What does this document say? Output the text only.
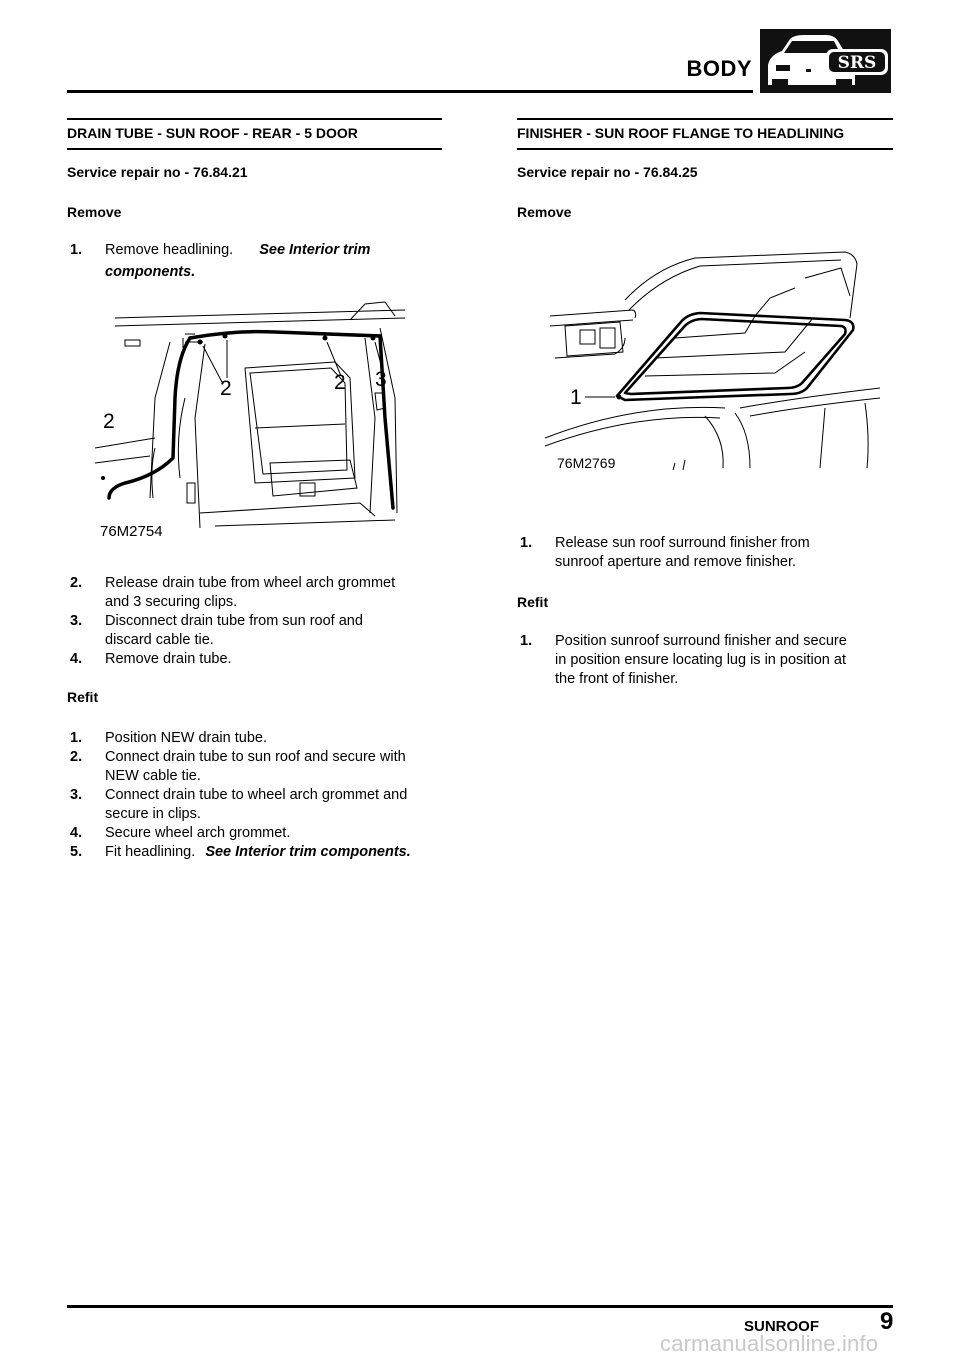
BODY	SRS
DRAIN TUBE - SUN ROOF - REAR - 5 DOOR
Service repair no - 76.84.21
Remove
1. Remove headlining. See Interior trim
components.
2	2
2
3
76M2754
2. Release drain tube from wheel arch grommet
and 3 securing clips.
3. Disconnect drain tube from sun roof and
discard cable tie.
4. Remove drain tube.
Refit
1. Position NEW drain tube.
2. Connect drain tube to sun roof and secure with
NEW cable tie.
3. Connect drain tube to wheel arch grommet and
secure in clips.
4. Secure wheel arch grommet.
5. Fit headlining. See Interior trim components.
FINISHER - SUN ROOF FLANGE TO HEADLINING
Service repair no - 76.84.25
Remove
1
76M2769
1. Release sun roof surround finisher from
sunroof aperture and remove finisher.
Refit
1. Position sunroof surround finisher and secure
in position ensure locating lug is in position at
the front of finisher.
SUNROOF	9
carmanualsonline.info
